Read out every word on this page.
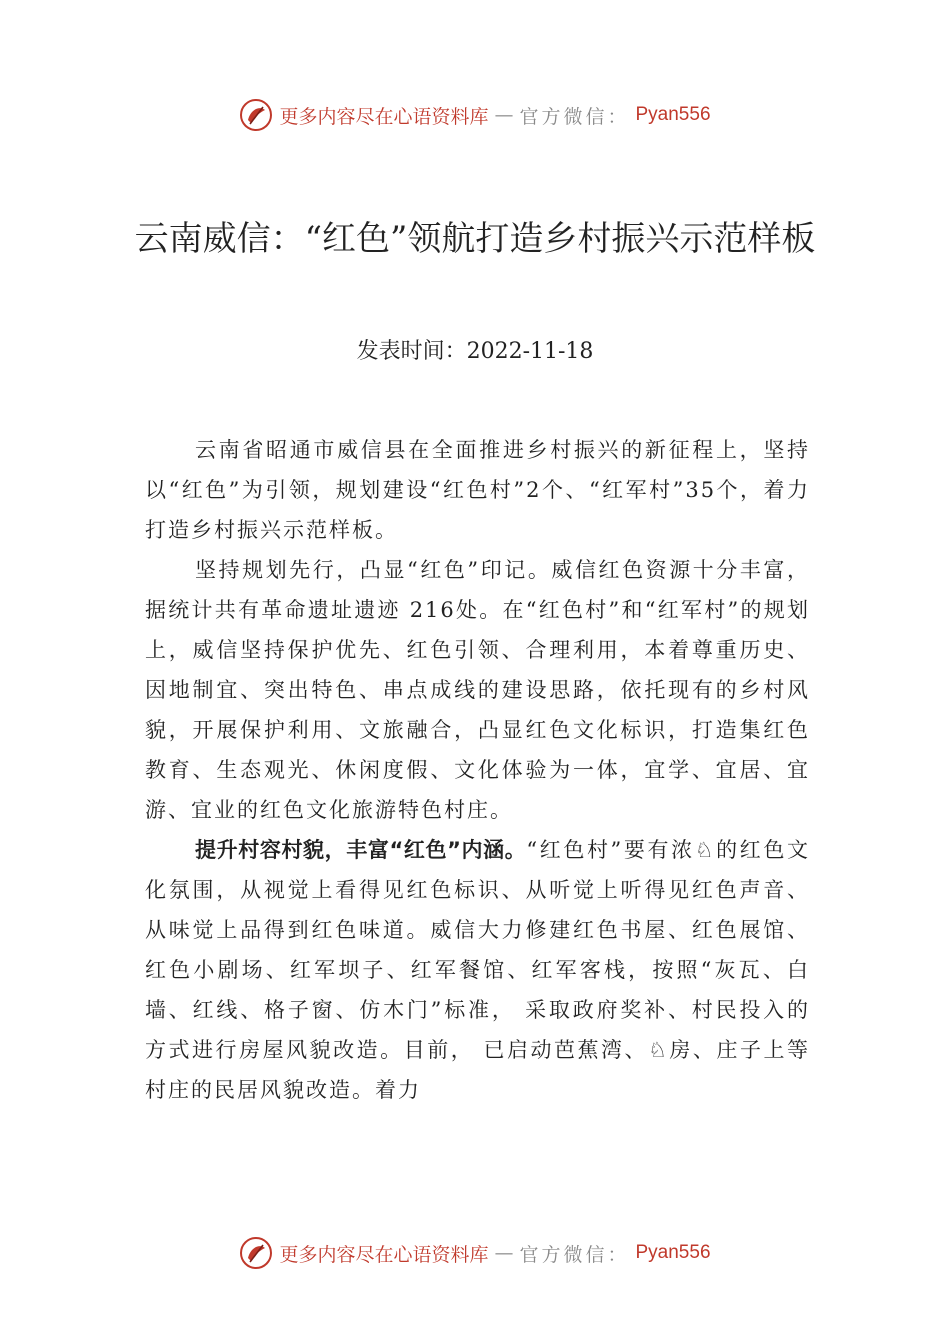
更多内容尽在心语资料库 — 官方微信： Pyan556
云南威信：“红色”领航打造乡村振兴示范样板
发表时间：2022-11-18

云南省昭通市威信县在全面推进乡村振兴的新征程上，坚持以“红色”为引领，规划建设“红色村”2个、“红军村”35个，着力打造乡村振兴示范样板。

坚持规划先行，凸显“红色”印记。威信红色资源十分丰富，据统计共有革命遗址遗迹 216处。在“红色村”和“红军村”的规划上，威信坚持保护优先、红色引领、合理利用，本着尊重历史、因地制宜、突出特色、串点成线的建设思路，依托现有的乡村风貌，开展保护利用、文旅融合，凸显红色文化标识，打造集红色教育、生态观光、休闲度假、文化体验为一体，宜学、宜居、宜游、宜业的红色文化旅游特色村庄。

提升村容村貌，丰富“红色”内涵。“红色村”要有浓♘的红色文化氛围，从视觉上看得见红色标识、从听觉上听得见红色声音、从味觉上品得到红色味道。威信大力修建红色书屋、红色展馆、红色小剧场、红军坝子、红军餐馆、红军客栈，按照“灰瓦、白墙、红线、格子窗、仿木门”标准， 采取政府奖补、村民投入的方式进行房屋风貌改造。目前， 已启动芭蕉湾、♘房、庄子上等村庄的民居风貌改造。着力

更多内容尽在心语资料库 — 官方微信： Pyan556
